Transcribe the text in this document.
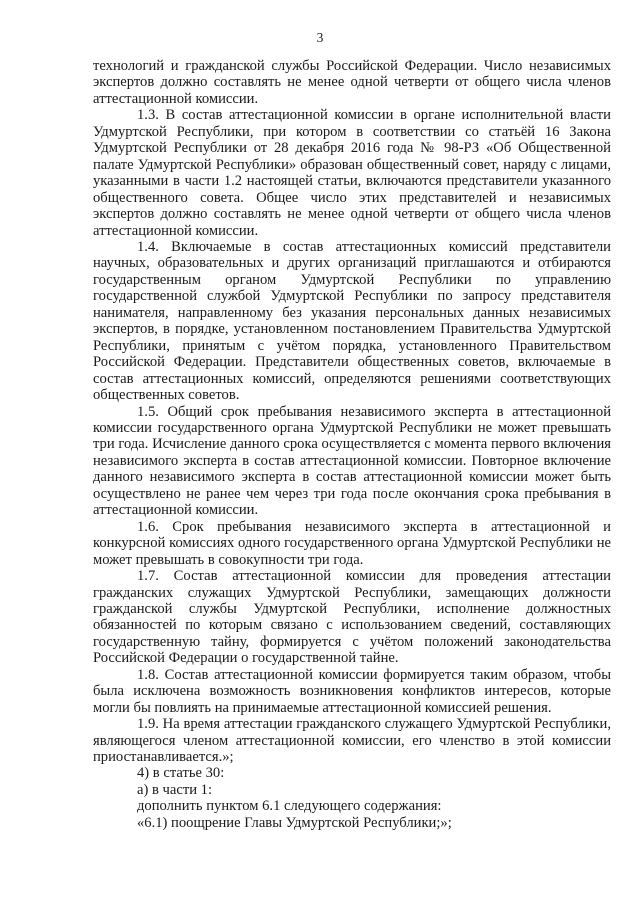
3

технологий и гражданской службы Российской Федерации. Число независимых экспертов должно составлять не менее одной четверти от общего числа членов аттестационной комиссии.

1.3. В состав аттестационной комиссии в органе исполнительной власти Удмуртской Республики, при котором в соответствии со статьёй 16 Закона Удмуртской Республики от 28 декабря 2016 года № 98-РЗ «Об Общественной палате Удмуртской Республики» образован общественный совет, наряду с лицами, указанными в части 1.2 настоящей статьи, включаются представители указанного общественного совета. Общее число этих представителей и независимых экспертов должно составлять не менее одной четверти от общего числа членов аттестационной комиссии.

1.4. Включаемые в состав аттестационных комиссий представители научных, образовательных и других организаций приглашаются и отбираются государственным органом Удмуртской Республики по управлению государственной службой Удмуртской Республики по запросу представителя нанимателя, направленному без указания персональных данных независимых экспертов, в порядке, установленном постановлением Правительства Удмуртской Республики, принятым с учётом порядка, установленного Правительством Российской Федерации. Представители общественных советов, включаемые в состав аттестационных комиссий, определяются решениями соответствующих общественных советов.

1.5. Общий срок пребывания независимого эксперта в аттестационной комиссии государственного органа Удмуртской Республики не может превышать три года. Исчисление данного срока осуществляется с момента первого включения независимого эксперта в состав аттестационной комиссии. Повторное включение данного независимого эксперта в состав аттестационной комиссии может быть осуществлено не ранее чем через три года после окончания срока пребывания в аттестационной комиссии.

1.6. Срок пребывания независимого эксперта в аттестационной и конкурсной комиссиях одного государственного органа Удмуртской Республики не может превышать в совокупности три года.

1.7. Состав аттестационной комиссии для проведения аттестации гражданских служащих Удмуртской Республики, замещающих должности гражданской службы Удмуртской Республики, исполнение должностных обязанностей по которым связано с использованием сведений, составляющих государственную тайну, формируется с учётом положений законодательства Российской Федерации о государственной тайне.

1.8. Состав аттестационной комиссии формируется таким образом, чтобы была исключена возможность возникновения конфликтов интересов, которые могли бы повлиять на принимаемые аттестационной комиссией решения.

1.9. На время аттестации гражданского служащего Удмуртской Республики, являющегося членом аттестационной комиссии, его членство в этой комиссии приостанавливается.»;

4) в статье 30:

а) в части 1:

дополнить пунктом 6.1 следующего содержания:

«6.1) поощрение Главы Удмуртской Республики;»;
